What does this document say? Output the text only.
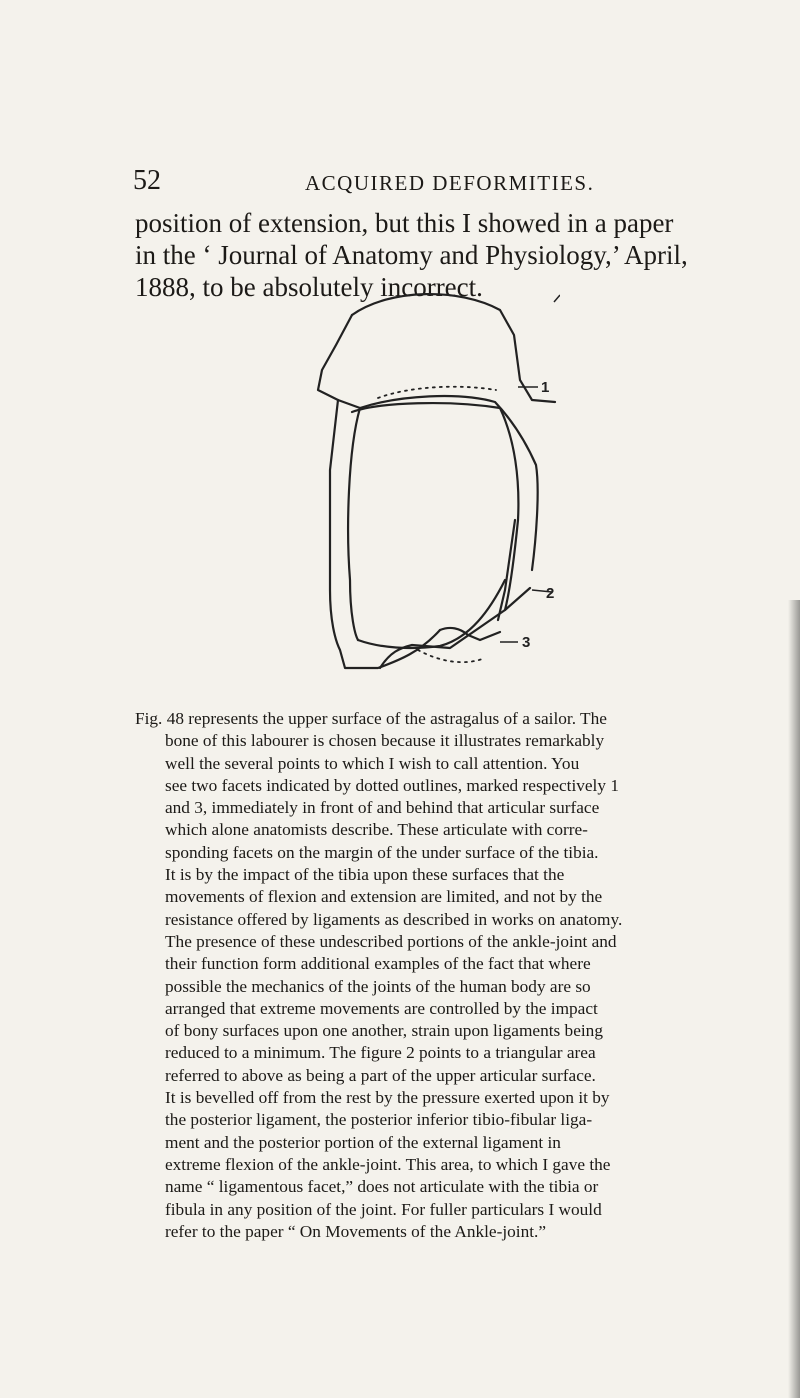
52	ACQUIRED DEFORMITIES.

position of extension, but this I showed in a paper
in the ‘ Journal of Anatomy and Physiology,’ April,
1888, to be absolutely incorrect.

1
2
3

Fig. 48 represents the upper surface of the astragalus of a sailor. The
bone of this labourer is chosen because it illustrates remarkably
well the several points to which I wish to call attention. You
see two facets indicated by dotted outlines, marked respectively 1
and 3, immediately in front of and behind that articular surface
which alone anatomists describe. These articulate with corre-
sponding facets on the margin of the under surface of the tibia.
It is by the impact of the tibia upon these surfaces that the
movements of flexion and extension are limited, and not by the
resistance offered by ligaments as described in works on anatomy.
The presence of these undescribed portions of the ankle-joint and
their function form additional examples of the fact that where
possible the mechanics of the joints of the human body are so
arranged that extreme movements are controlled by the impact
of bony surfaces upon one another, strain upon ligaments being
reduced to a minimum. The figure 2 points to a triangular area
referred to above as being a part of the upper articular surface.
It is bevelled off from the rest by the pressure exerted upon it by
the posterior ligament, the posterior inferior tibio-fibular liga-
ment and the posterior portion of the external ligament in
extreme flexion of the ankle-joint. This area, to which I gave the
name “ ligamentous facet,” does not articulate with the tibia or
fibula in any position of the joint. For fuller particulars I would
refer to the paper “ On Movements of the Ankle-joint.”
